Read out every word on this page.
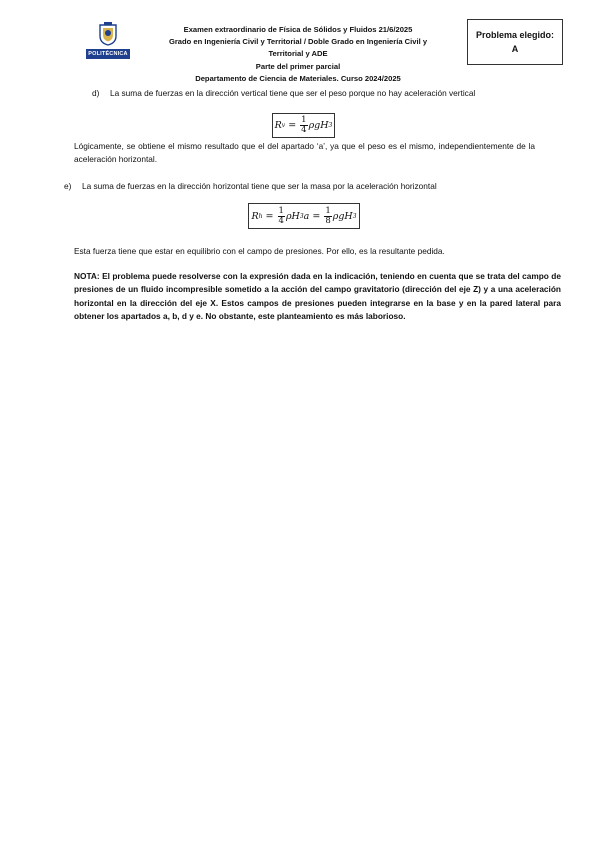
POLITÉCNICA
Examen extraordinario de Física de Sólidos y Fluidos 21/6/2025
Grado en Ingeniería Civil y Territorial / Doble Grado en Ingeniería Civil y
Territorial y ADE
Parte del primer parcial
Departamento de Ciencia de Materiales. Curso 2024/2025
Problema elegido:
A
d) La suma de fuerzas en la dirección vertical tiene que ser el peso porque no hay aceleración vertical
R $v = \frac{1}{4}$ ρgH 3
Lógicamente, se obtiene el mismo resultado que el del apartado ‘a’, ya que el peso es el mismo, independientemente de la aceleración horizontal.
e) La suma de fuerzas en la dirección horizontal tiene que ser la masa por la aceleración horizontal
R $h = \frac{1}{4}$ ρH 3 $a = \frac{1}{8}$ ρgH 3
Esta fuerza tiene que estar en equilibrio con el campo de presiones. Por ello, es la resultante pedida.
NOTA: El problema puede resolverse con la expresión dada en la indicación, teniendo en cuenta que se trata del campo de presiones de un fluido incompresible sometido a la acción del campo gravitatorio (dirección del eje Z) y a una aceleración horizontal en la dirección del eje X. Estos campos de presiones pueden integrarse en la base y en la pared lateral para obtener los apartados a, b, d y e. No obstante, este planteamiento es más laborioso.
